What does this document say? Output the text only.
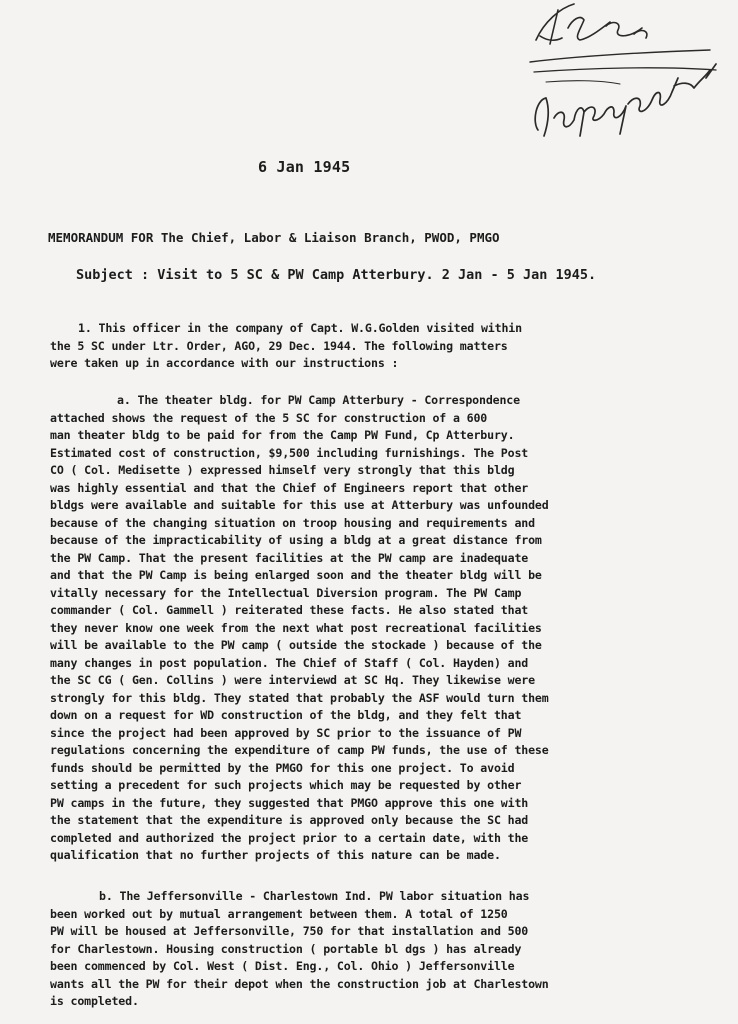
6 Jan 1945
MEMORANDUM FOR The Chief, Labor & Liaison Branch, PWOD, PMGO
Subject : Visit to 5 SC & PW Camp Atterbury. 2 Jan - 5 Jan 1945.
1. This officer in the company of Capt. W.G.Golden visited within
the 5 SC under Ltr. Order, AGO, 29 Dec. 1944. The following matters
were taken up in accordance with our instructions :
a. The theater bldg. for PW Camp Atterbury - Correspondence
attached shows the request of the 5 SC for construction of a 600
man theater bldg to be paid for from the Camp PW Fund, Cp Atterbury.
Estimated cost of construction, $9,500 including furnishings. The Post
CO ( Col. Medisette ) expressed himself very strongly that this bldg
was highly essential and that the Chief of Engineers report that other
bldgs were available and suitable for this use at Atterbury was unfounded
because of the changing situation on troop housing and requirements and
because of the impracticability of using a bldg at a great distance from
the PW Camp. That the present facilities at the PW camp are inadequate
and that the PW Camp is being enlarged soon and the theater bldg will be
vitally necessary for the Intellectual Diversion program. The PW Camp
commander ( Col. Gammell ) reiterated these facts. He also stated that
they never know one week from the next what post recreational facilities
will be available to the PW camp ( outside the stockade ) because of the
many changes in post population. The Chief of Staff ( Col. Hayden) and
the SC CG ( Gen. Collins ) were interviewd at SC Hq. They likewise were
strongly for this bldg. They stated that probably the ASF would turn them
down on a request for WD construction of the bldg, and they felt that
since the project had been approved by SC prior to the issuance of PW
regulations concerning the expenditure of camp PW funds, the use of these
funds should be permitted by the PMGO for this one project. To avoid
setting a precedent for such projects which may be requested by other
PW camps in the future, they suggested that PMGO approve this one with
the statement that the expenditure is approved only because the SC had
completed and authorized the project prior to a certain date, with the
qualification that no further projects of this nature can be made.
b. The Jeffersonville - Charlestown Ind. PW labor situation has
been worked out by mutual arrangement between them. A total of 1250
PW will be housed at Jeffersonville, 750 for that installation and 500
for Charlestown. Housing construction ( portable bl dgs ) has already
been commenced by Col. West ( Dist. Eng., Col. Ohio ) Jeffersonville
wants all the PW for their depot when the construction job at Charlestown
is completed.
